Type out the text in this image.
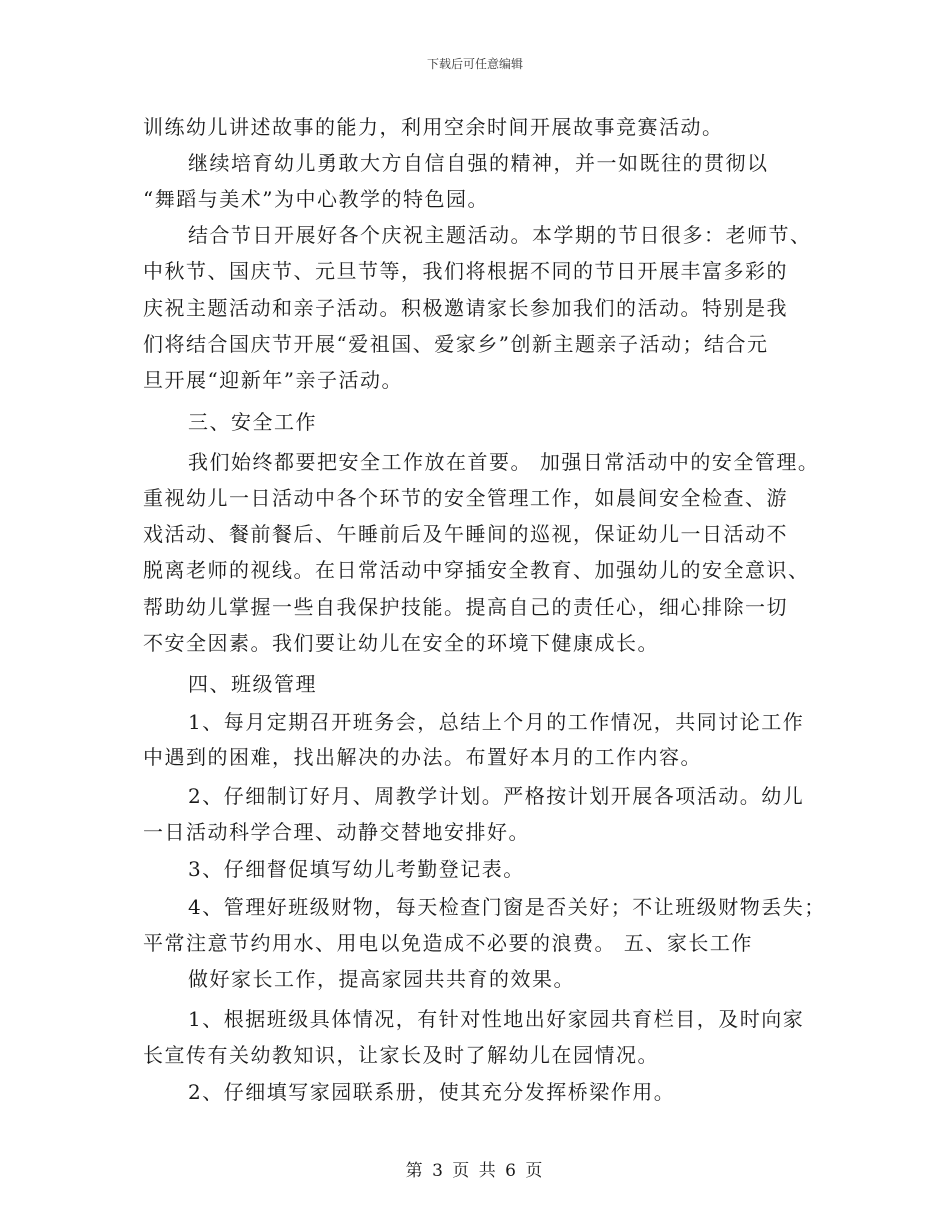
下载后可任意编辑
训练幼儿讲述故事的能力，利用空余时间开展故事竞赛活动。
继续培育幼儿勇敢大方自信自强的精神，并一如既往的贯彻以
“舞蹈与美术”为中心教学的特色园。
结合节日开展好各个庆祝主题活动。本学期的节日很多：老师节、
中秋节、国庆节、元旦节等，我们将根据不同的节日开展丰富多彩的
庆祝主题活动和亲子活动。积极邀请家长参加我们的活动。特别是我
们将结合国庆节开展“爱祖国、爱家乡”创新主题亲子活动；结合元
旦开展“迎新年”亲子活动。
三、安全工作
我们始终都要把安全工作放在首要。 加强日常活动中的安全管理。
重视幼儿一日活动中各个环节的安全管理工作，如晨间安全检查、游
戏活动、餐前餐后、午睡前后及午睡间的巡视，保证幼儿一日活动不
脱离老师的视线。在日常活动中穿插安全教育、加强幼儿的安全意识、
帮助幼儿掌握一些自我保护技能。提高自己的责任心，细心排除一切
不安全因素。我们要让幼儿在安全的环境下健康成长。
四、班级管理
1、每月定期召开班务会，总结上个月的工作情况，共同讨论工作
中遇到的困难，找出解决的办法。布置好本月的工作内容。
2、仔细制订好月、周教学计划。严格按计划开展各项活动。幼儿
一日活动科学合理、动静交替地安排好。
3、仔细督促填写幼儿考勤登记表。
4、管理好班级财物，每天检查门窗是否关好；不让班级财物丢失；
平常注意节约用水、用电以免造成不必要的浪费。 五、家长工作
做好家长工作，提高家园共共育的效果。
1、根据班级具体情况，有针对性地出好家园共育栏目，及时向家
长宣传有关幼教知识，让家长及时了解幼儿在园情况。
2、仔细填写家园联系册，使其充分发挥桥梁作用。
第 3 页 共 6 页
